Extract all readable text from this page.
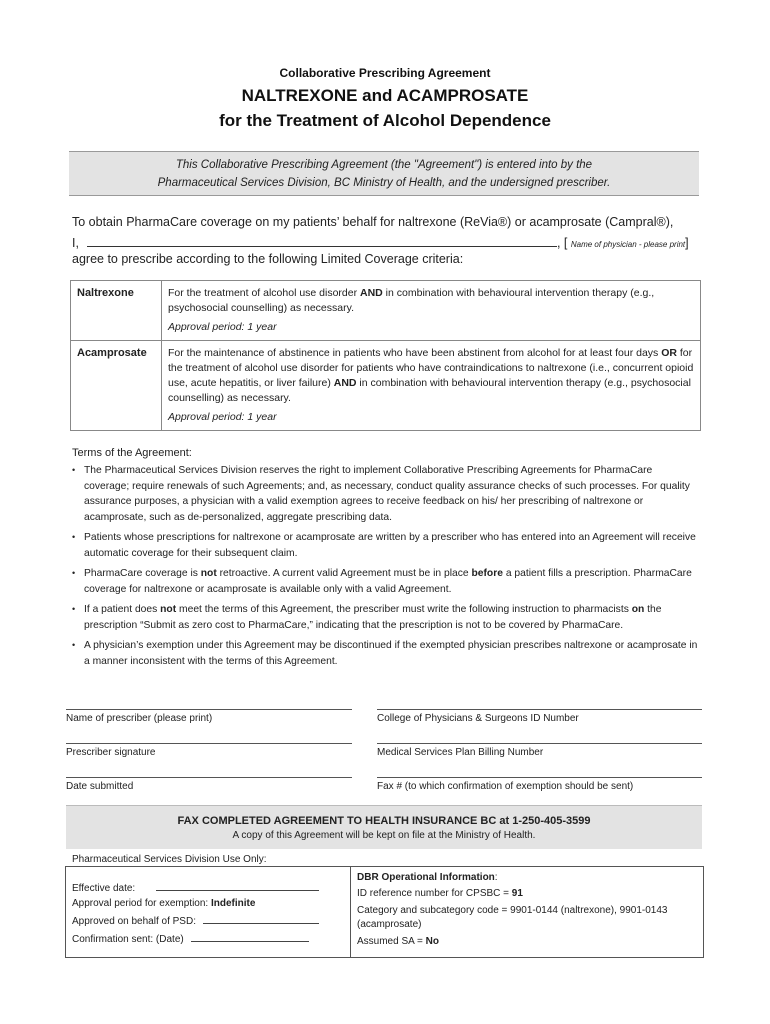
Collaborative Prescribing Agreement
NALTREXONE and ACAMPROSATE
for the Treatment of Alcohol Dependence
This Collaborative Prescribing Agreement (the "Agreement") is entered into by the
Pharmaceutical Services Division, BC Ministry of Health, and the undersigned prescriber.
To obtain PharmaCare coverage on my patients’ behalf for naltrexone (ReVia®) or acamprosate (Campral®),
I,	, [ Name of physician - please print]
agree to prescribe according to the following Limited Coverage criteria:
Naltrexone	For the treatment of alcohol use disorder AND in combination with behavioural intervention therapy (e.g., psychosocial counselling) as necessary.
Approval period: 1 year

Acamprosate	For the maintenance of abstinence in patients who have been abstinent from alcohol for at least four days OR for the treatment of alcohol use disorder for patients who have contraindications to naltrexone (i.e., concurrent opioid use, acute hepatitis, or liver failure) AND in combination with behavioural intervention therapy (e.g., psychosocial counselling) as necessary.
Approval period: 1 year
Terms of the Agreement:
• The Pharmaceutical Services Division reserves the right to implement Collaborative Prescribing Agreements for PharmaCare coverage; require renewals of such Agreements; and, as necessary, conduct quality assurance checks of such processes. For quality assurance purposes, a physician with a valid exemption agrees to receive feedback on his/ her prescribing of naltrexone or acamprosate, such as de-personalized, aggregate prescribing data.
• Patients whose prescriptions for naltrexone or acamprosate are written by a prescriber who has entered into an Agreement will receive automatic coverage for their subsequent claim.
• PharmaCare coverage is not retroactive. A current valid Agreement must be in place before a patient fills a prescription. PharmaCare coverage for naltrexone or acamprosate is available only with a valid Agreement.
• If a patient does not meet the terms of this Agreement, the prescriber must write the following instruction to pharmacists on the prescription “Submit as zero cost to PharmaCare,” indicating that the prescription is not to be covered by PharmaCare.
• A physician’s exemption under this Agreement may be discontinued if the exempted physician prescribes naltrexone or acamprosate in a manner inconsistent with the terms of this Agreement.
Name of prescriber (please print)	College of Physicians & Surgeons ID Number
Prescriber signature	Medical Services Plan Billing Number
Date submitted	Fax # (to which confirmation of exemption should be sent)
FAX COMPLETED AGREEMENT TO HEALTH INSURANCE BC at 1-250-405-3599
A copy of this Agreement will be kept on file at the Ministry of Health.
Pharmaceutical Services Division Use Only:
Effective date:
Approval period for exemption: Indefinite
Approved on behalf of PSD:
Confirmation sent: (Date)
DBR Operational Information:
ID reference number for CPSBC = 91
Category and subcategory code = 9901-0144 (naltrexone), 9901-0143 (acamprosate)
Assumed SA = No
